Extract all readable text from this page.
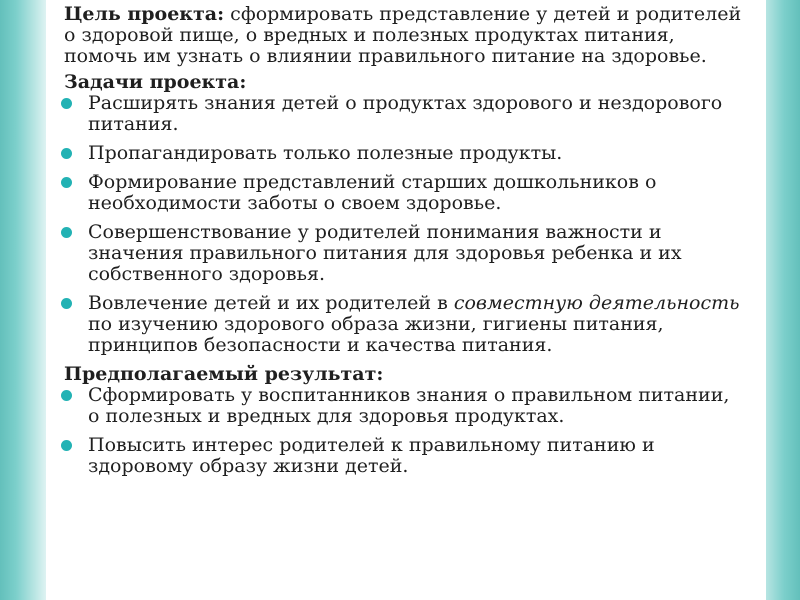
Цель проекта: сформировать представление у детей и родителей о здоровой пище, о вредных и полезных продуктах питания, помочь им узнать о влиянии правильного питание на здоровье.

Задачи проекта:

Расширять знания детей о продуктах здорового и нездорового питания.
Пропагандировать только полезные продукты.
Формирование представлений старших дошкольников о необходимости заботы о своем здоровье.
Совершенствование у родителей понимания важности и значения правильного питания для здоровья ребенка и их собственного здоровья.
Вовлечение детей и их родителей в совместную деятельность по изучению здорового образа жизни, гигиены питания, принципов безопасности и качества питания.

Предполагаемый результат:

Сформировать у воспитанников знания о правильном питании, о полезных и вредных для здоровья продуктах.
Повысить интерес родителей к правильному питанию и здоровому образу жизни детей.
